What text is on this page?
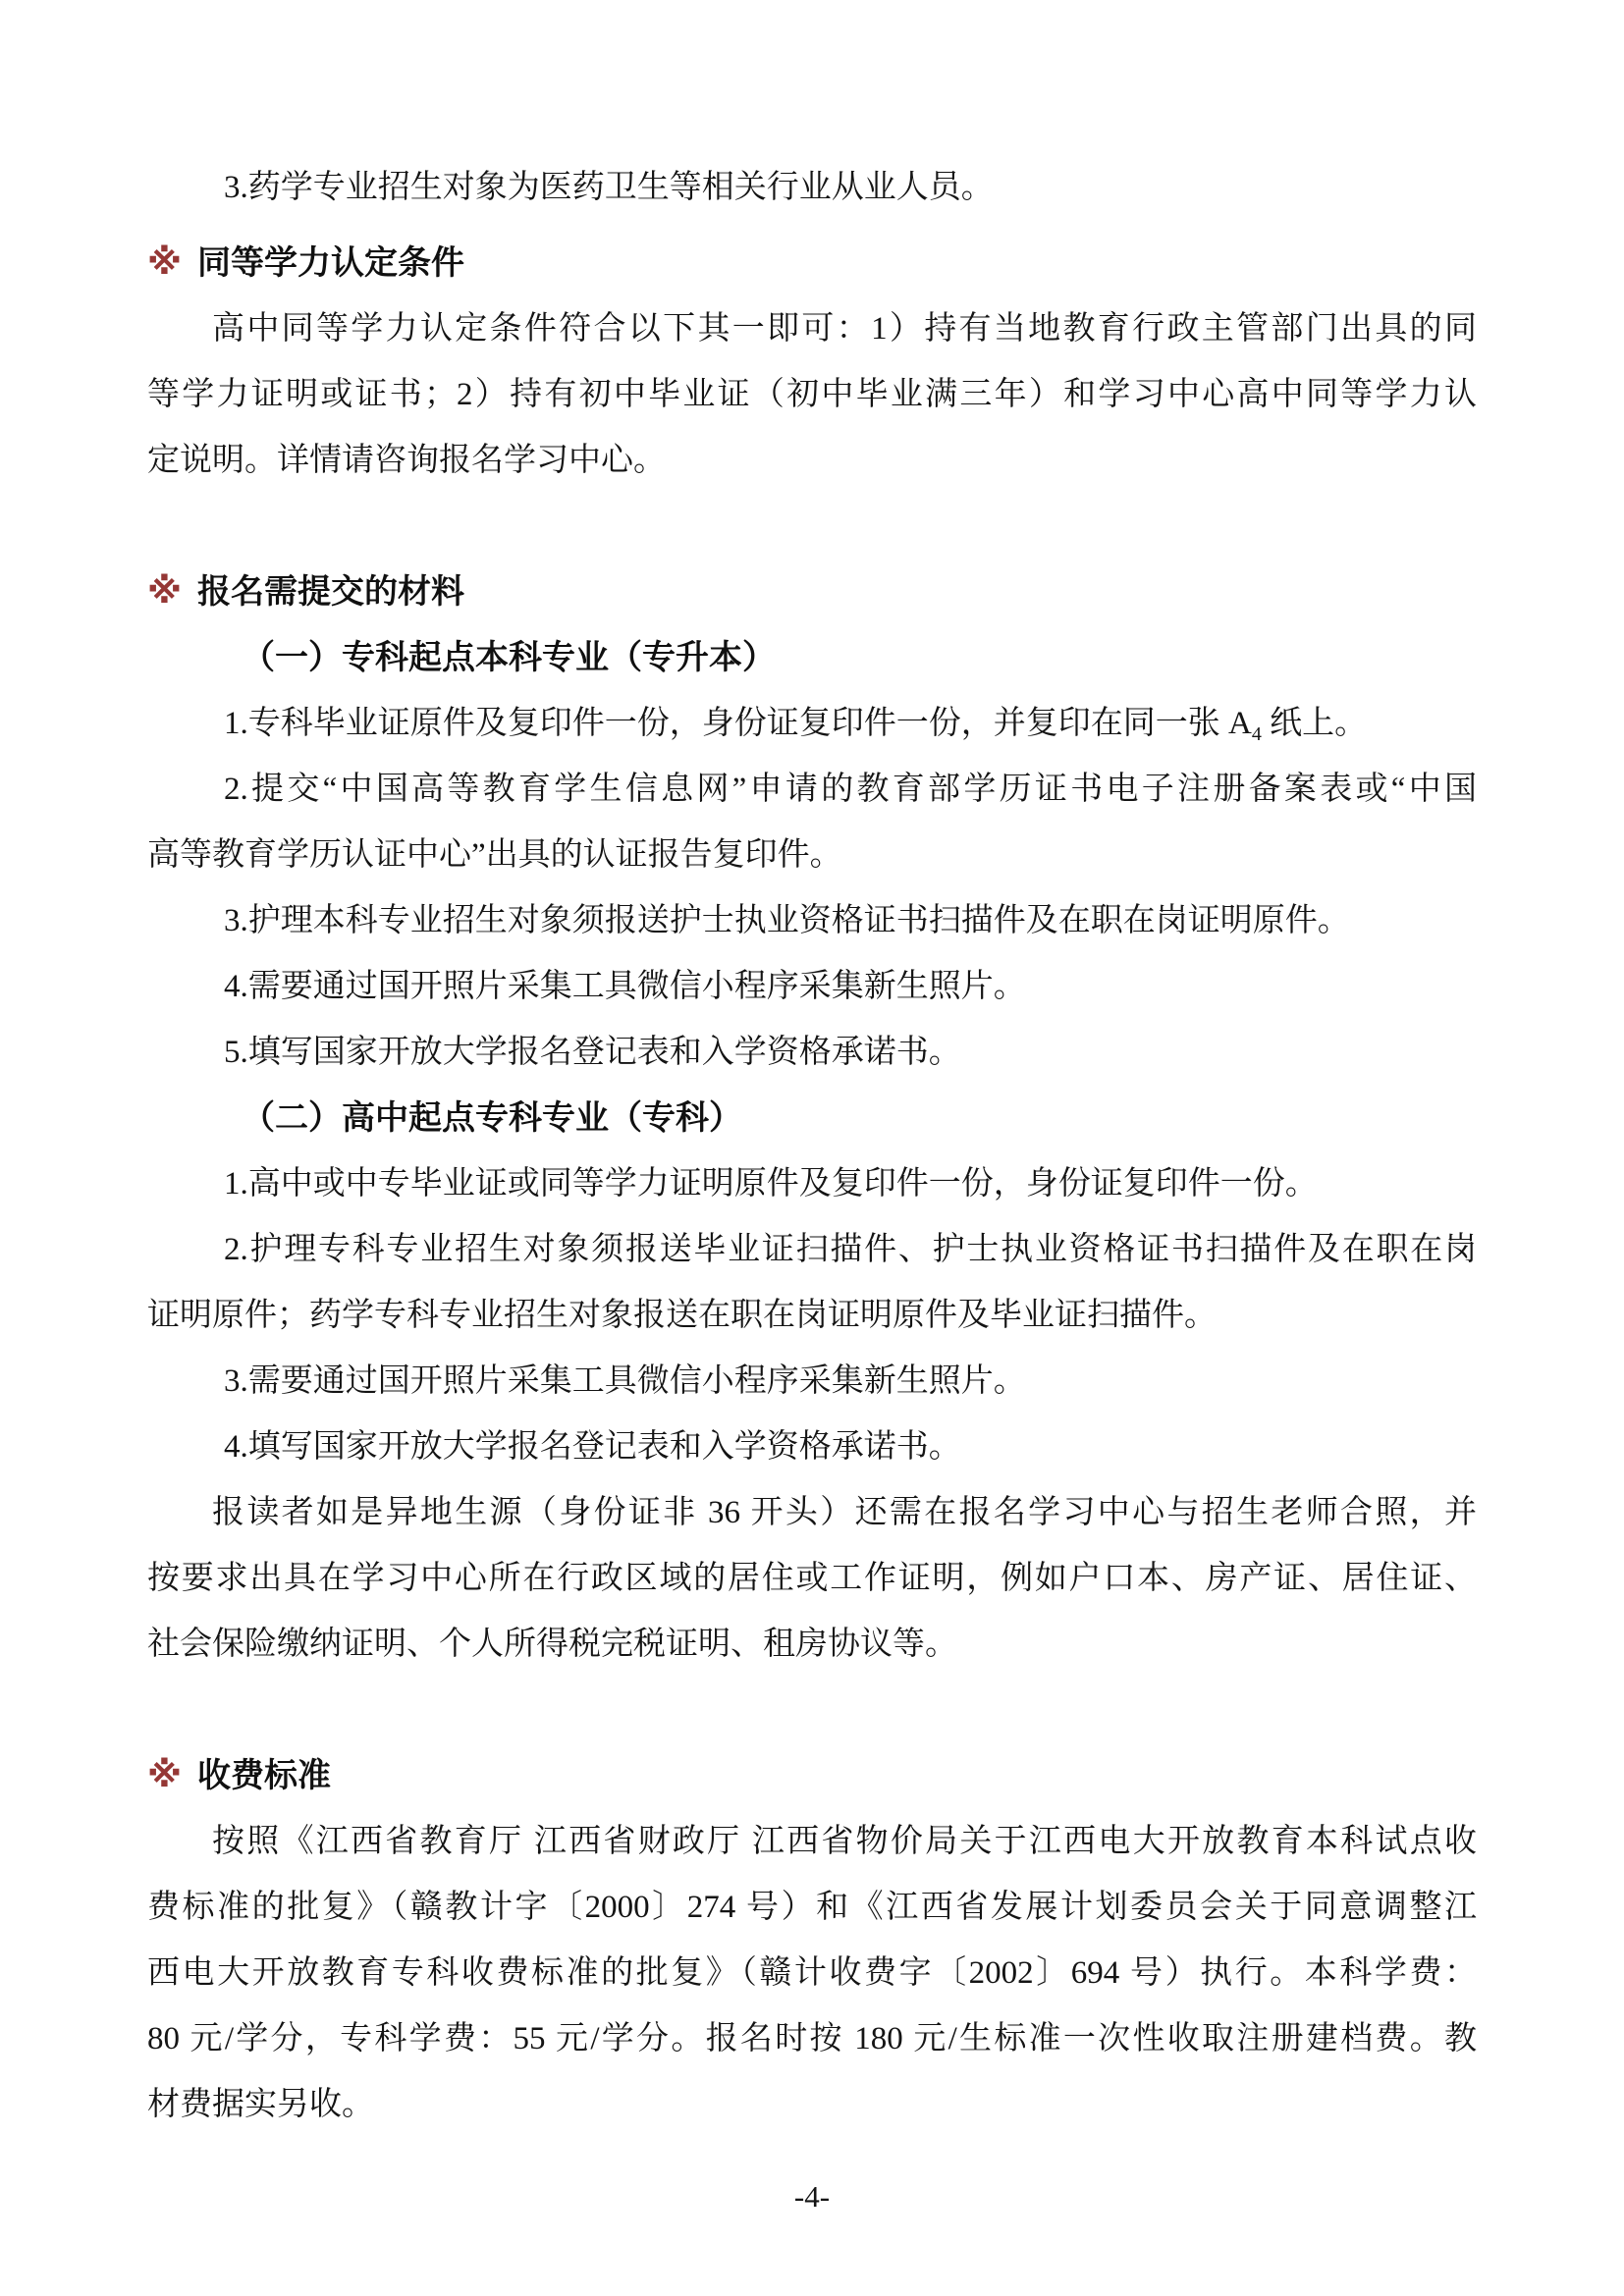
3.药学专业招生对象为医药卫生等相关行业从业人员。

※ 同等学力认定条件

高中同等学力认定条件符合以下其一即可：1）持有当地教育行政主管部门出具的同
等学力证明或证书；2）持有初中毕业证（初中毕业满三年）和学习中心高中同等学力认
定说明。详情请咨询报名学习中心。

※ 报名需提交的材料

（一）专科起点本科专业（专升本）

1.专科毕业证原件及复印件一份，身份证复印件一份，并复印在同一张 $A_4$ 纸上。

2.提交“中国高等教育学生信息网”申请的教育部学历证书电子注册备案表或“中国
高等教育学历认证中心”出具的认证报告复印件。

3.护理本科专业招生对象须报送护士执业资格证书扫描件及在职在岗证明原件。

4.需要通过国开照片采集工具微信小程序采集新生照片。

5.填写国家开放大学报名登记表和入学资格承诺书。

（二）高中起点专科专业（专科）

1.高中或中专毕业证或同等学力证明原件及复印件一份，身份证复印件一份。

2.护理专科专业招生对象须报送毕业证扫描件、护士执业资格证书扫描件及在职在岗
证明原件；药学专科专业招生对象报送在职在岗证明原件及毕业证扫描件。

3.需要通过国开照片采集工具微信小程序采集新生照片。

4.填写国家开放大学报名登记表和入学资格承诺书。

报读者如是异地生源（身份证非 36 开头）还需在报名学习中心与招生老师合照，并
按要求出具在学习中心所在行政区域的居住或工作证明，例如户口本、房产证、居住证、
社会保险缴纳证明、个人所得税完税证明、租房协议等。

※ 收费标准

按照《江西省教育厅 江西省财政厅 江西省物价局关于江西电大开放教育本科试点收
费标准的批复》（赣教计字〔2000〕274 号）和《江西省发展计划委员会关于同意调整江
西电大开放教育专科收费标准的批复》（赣计收费字〔2002〕694 号）执行。本科学费：
80 元/学分，专科学费：55 元/学分。报名时按 180 元/生标准一次性收取注册建档费。教
材费据实另收。

-4-
